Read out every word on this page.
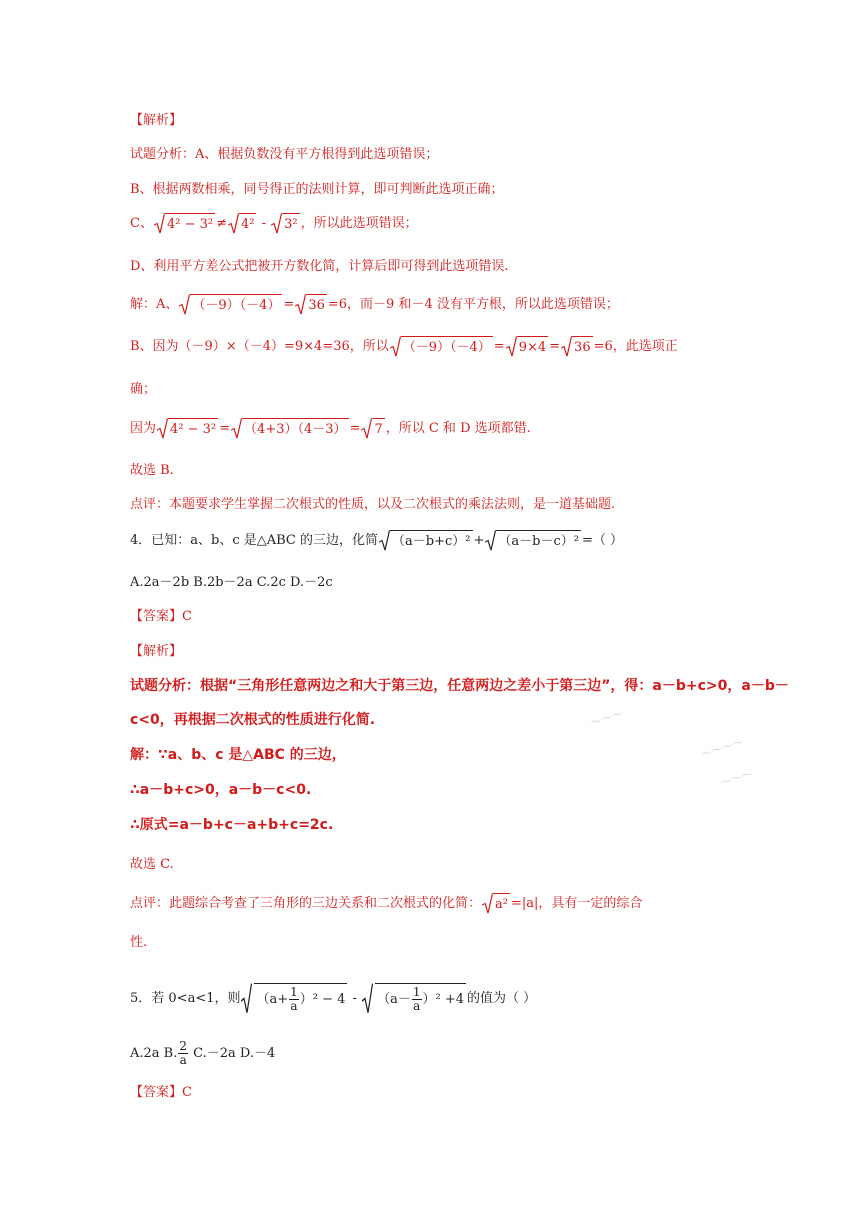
【解析】
试题分析：A、根据负数没有平方根得到此选项错误；
B、根据两数相乘，同号得正的法则计算，即可判断此选项正确；
C、 4² − 3² ≠ 4² - 3² ，所以此选项错误；
D、利用平方差公式把被开方数化简，计算后即可得到此选项错误.
解：A、 （－9）（－4） = 36 =6，而－9 和－4 没有平方根，所以此选项错误；
B、因为（－9）×（－4）=9×4=36，所以 （－9）（－4） = 9×4 = 36 =6，此选项正
确；
因为 4² − 3² = （4+3）（4－3） = 7 ，所以 C 和 D 选项都错.
故选 B.
点评：本题要求学生掌握二次根式的性质，以及二次根式的乘法法则，是一道基础题.
4．已知：a、b、c 是△ABC 的三边，化简 （a－b+c）² + （a－b－c）² =（ ）
A.2a－2b B.2b－2a C.2c D.－2c
【答案】C
【解析】
试题分析：根据“三角形任意两边之和大于第三边，任意两边之差小于第三边”，得：a－b+c>0，a－b－
c<0，再根据二次根式的性质进行化简.
解：∵a、b、c 是△ABC 的三边，
∴a－b+c>0，a－b－c<0.
∴原式=a－b+c－a+b+c=2c.
～～～
～～～～
～～～
故选 C.
点评：此题综合考查了三角形的三边关系和二次根式的化简： a² =|a|，具有一定的综合
性.
5．若 0<a<1，则 $(a+ \frac{1}{a} )^2 - 4 - (a- \frac{1}{a} )^2 +4$ 的值为（ ）
A.2a B. $\frac{2}{a} C.-2a$ D.－4
【答案】C
